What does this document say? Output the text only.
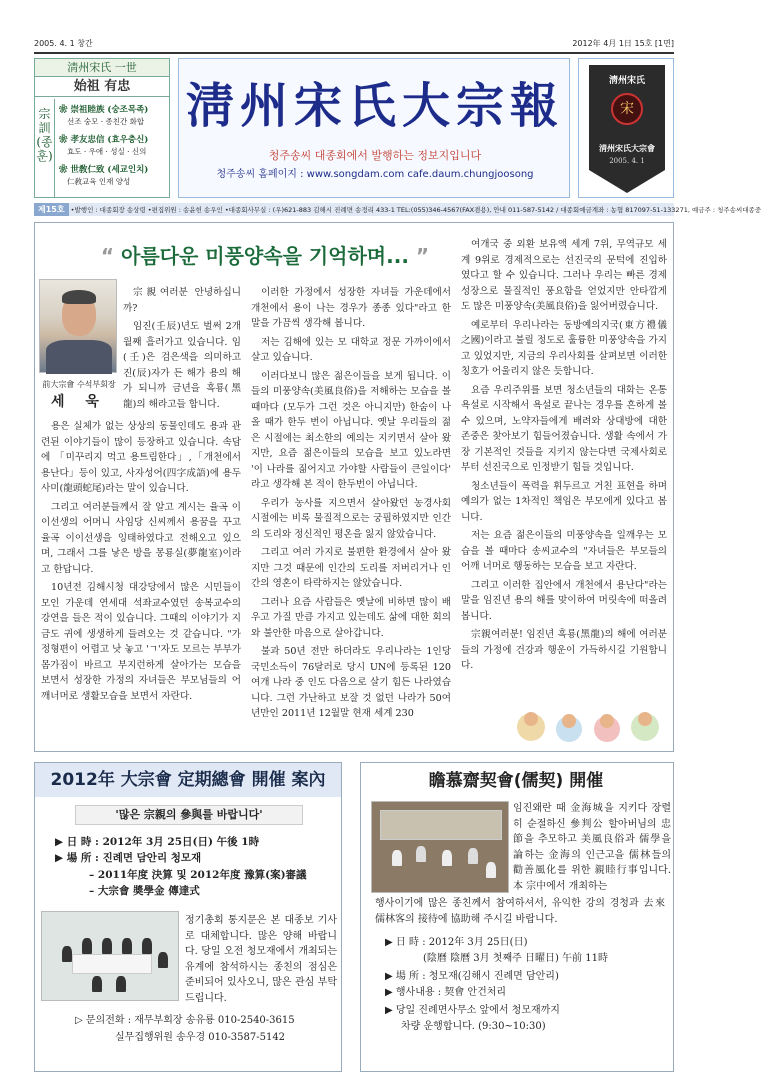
2005. 4. 1 창간	2012年 4月 1日 15호 [1면]
淸州宋氏 一世
始祖 有忠
宗 訓 (종훈)
❀ 崇祖睦族 (숭조목족)
선조 숭모 · 종친간 화합
❀ 孝友忠信 (효우충신)
효도 · 우애 · 성실 · 신의
❀ 世敎仁致 (세교인치)
仁敎교육 인재 양성
淸州宋氏大宗報
청주송씨 대종회에서 발행하는 정보지입니다
청주송씨 홈페이지 : www.songdam.com cafe.daum.chungjoosong
淸州宋氏
宋
淸州宋氏大宗會
2005. 4. 1
제15호 •발행인 : 대종회장 송상령 •편집위원 : 송윤헌 송우인 •대종회사무실 : (우)621-883 김해시 진례면 송정리 433-1 TEL:(055)346-4567(FAX겸용), 안내 011-587-5142 / 대종회예금계좌 : 농협 817097-51-133271, 예금주 : 청주송씨대종중
“ 아름다운 미풍양속을 기억하며... ”
前大宗會 수석부회장
세 욱

宗親여러분 안녕하십니까?

임진(壬辰)년도 벌써 2개월째 흘러가고 있습니다. 임(壬)은 검은색을 의미하고 진(辰)자가 든 해가 용의 해가 되니까 금년을 흑룡(黑龍)의 해라고들 합니다.

용은 실체가 없는 상상의 동물인데도 용과 관련된 이야기들이 많이 등장하고 있습니다. 속담에 「미꾸리지 먹고 용트림한다」,「개천에서 용난다」등이 있고, 사자성어(四字成語)에 용두사미(龍頭蛇尾)라는 말이 있습니다.

그리고 여러분들께서 잘 알고 계시는 율곡 이이선생의 어머니 사임당 신씨께서 용꿈을 꾸고 율곡 이이선생을 잉태하였다고 전해오고 있으며, 그래서 그를 낳은 방을 몽룡실(夢龍室)이라고 한답니다.

10년전 김해시청 대강당에서 많은 시민들이 모인 가운데 연세대 석좌교수였던 송복교수의 강연을 들은 적이 있습니다. 그때의 이야기가 지금도 귀에 생생하게 들려오는 것 같습니다. "가정형편이 어렵고 낫 놓고 'ㄱ'자도 모르는 부부가 몸가짐이 바르고 부지런하게 살아가는 모습을 보면서 성장한 가정의 자녀들은 부모님들의 어깨너머로 생활모습을 보면서 자란다.

이러한 가정에서 성장한 자녀들 가운데에서 개천에서 용이 나는 경우가 종종 있다"라고 한 말을 가끔씩 생각해 봅니다.

저는 김해에 있는 모 대학교 정문 가까이에서 살고 있습니다.

이러다보니 많은 젊은이들을 보게 됩니다. 이들의 미풍양속(美風良俗)을 저해하는 모습을 볼 때마다 (모두가 그런 것은 아니지만) 한숨이 나올 때가 한두 번이 아닙니다. 옛날 우리들의 젊은 시절에는 최소한의 예의는 지키면서 살아 왔지만, 요즘 젊은이들의 모습을 보고 있노라면 '이 나라를 짊어지고 가야할 사람들이 큰일이다' 라고 생각해 본 적이 한두번이 아닙니다.

우리가 농사를 지으면서 살아왔던 농경사회 시절에는 비록 물질적으로는 궁핍하였지만 인간의 도리와 정신적인 평온을 잃지 않았습니다.

그리고 여러 가지로 불편한 환경에서 살아 왔지만 그것 때문에 인간의 도리를 저버리거나 인간의 영혼이 타락하지는 않았습니다.

그러나 요즘 사람들은 옛날에 비하면 많이 배우고 가질 만큼 가지고 있는데도 삶에 대한 회의와 불안한 마음으로 살아갑니다.

불과 50년 전만 하더라도 우리나라는 1인당 국민소득이 76달러로 당시 UN에 등록된 120여개 나라 중 인도 다음으로 살기 힘든 나라였습니다. 그런 가난하고 보잘 것 없던 나라가 50여년만인 2011년 12월말 현재 세계 230

여개국 중 외환 보유액 세계 7위, 무역규모 세계 9위로 경제적으로는 선진국의 문턱에 진입하였다고 할 수 있습니다. 그러나 우리는 빠른 경제 성장으로 물질적인 풍요함을 얻었지만 안타깝게도 많은 미풍양속(美風良俗)을 잃어버렸습니다.

예로부터 우리나라는 동방예의지국(東方禮儀之國)이라고 불릴 정도로 훌륭한 미풍양속을 가지고 있었지만, 지금의 우리사회를 살펴보면 이러한 칭호가 어울리지 않은 듯합니다.

요즘 우리주위를 보면 청소년들의 대화는 온통 욕설로 시작해서 욕설로 끝나는 경우를 흔하게 볼 수 있으며, 노약자들에게 배려와 상대방에 대한 존중은 찾아보기 힘들어졌습니다. 생활 속에서 가장 기본적인 것들을 지키지 않는다면 국제사회로부터 선진국으로 인정받기 힘들 것입니다.

청소년들이 폭력을 휘두르고 거친 표현을 하며 예의가 없는 1차적인 책임은 부모에게 있다고 봅니다.

저는 요즘 젊은이들의 미풍양속을 일깨우는 모습을 볼 때마다 송씨교수의 "자녀들은 부모들의 어깨 너머로 행동하는 모습을 보고 자란다.

그리고 이러한 집안에서 개천에서 용난다"라는 말을 임진년 용의 해를 맞이하여 머릿속에 떠올려 봅니다.

宗親여러분! 임진년 흑룡(黑龍)의 해에 여러분들의 가정에 건강과 행운이 가득하시길 기원합니다.

2012年 大宗會 定期總會 開催 案內
'많은 宗親의 參與를 바랍니다'
▶ 日 時 : 2012年 3月 25日(日) 午後 1時
▶ 場 所 : 진례면 담안리 청모재
– 2011年度 決算 및 2012年度 豫算(案)審議
– 大宗會 奬學金 傳達式
정기총회 통지문은 본 대종보 기사로 대체합니다. 많은 양해 바랍니다. 당일 오전 청모재에서 개최되는 유계에 참석하시는 종친의 점심은 준비되어 있사오니, 많은 관심 부탁드립니다.
▷ 문의전화 : 재무부회장 송유룡 010-2540-3615
실무집행위원 송우경 010-3587-5142
瞻慕齋契會(儒契) 開催
임진왜란 때 金海城을 지키다 장렬히 순절하신 參判公 할아버님의 忠節을 추모하고 美風良俗과 儒學을 論하는 金海의 인근고을 儒林들의 勸善風化를 위한 親睦行事입니다. 本 宗中에서 개최하는
행사이기에 많은 종친께서 참여하셔서, 유익한 강의 경청과 去來 儒林客의 接待에 協助해 주시길 바랍니다.
▶ 日 時 : 2012年 3月 25日(日)
(陰曆 陰曆 3月 첫째주 日曜日) 午前 11時
▶ 場 所 : 청모재(김해시 진례면 담안리)
▶ 행사내용 : 契會 안건처리
▶ 당일 진례면사무소 앞에서 청모재까지
차량 운행합니다. (9:30~10:30)
